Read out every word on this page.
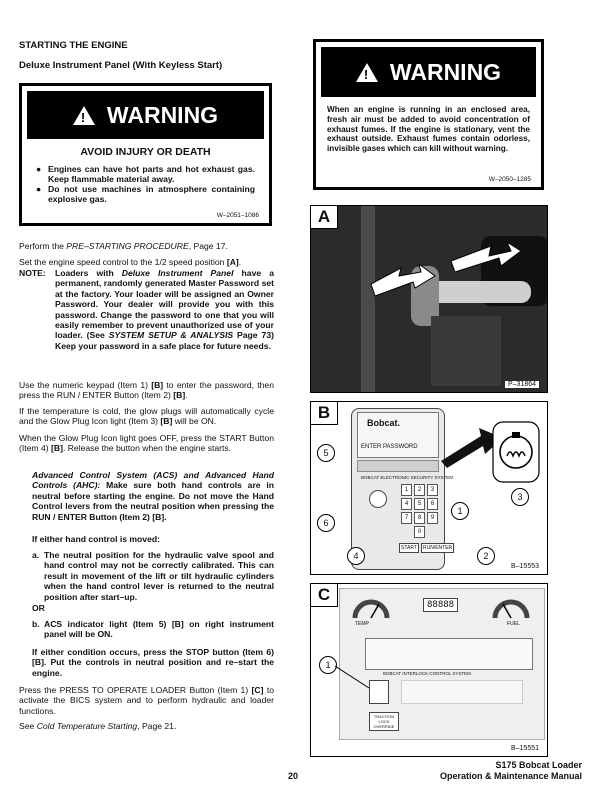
STARTING THE ENGINE
Deluxe Instrument Panel (With Keyless Start)
! WARNING
AVOID INJURY OR DEATH
● Engines can have hot parts and hot exhaust gas. Keep flammable material away.
● Do not use machines in atmosphere containing explosive gas.
W–2051–1086
Perform the PRE–STARTING PROCEDURE, Page 17.
Set the engine speed control to the 1/2 speed position [A].
NOTE:	Loaders with Deluxe Instrument Panel have a permanent, randomly generated Master Password set at the factory. Your loader will be assigned an Owner Password. Your dealer will provide you with this password. Change the password to one that you will easily remember to prevent unauthorized use of your loader. (See SYSTEM SETUP & ANALYSIS Page 73) Keep your password in a safe place for future needs.
Use the numeric keypad (Item 1) [B] to enter the password, then press the RUN / ENTER Button (Item 2) [B].
If the temperature is cold, the glow plugs will automatically cycle and the Glow Plug Icon light (Item 3) [B] will be ON.
When the Glow Plug Icon light goes OFF, press the START Button (Item 4) [B]. Release the button when the engine starts.
Advanced Control System (ACS) and Advanced Hand Controls (AHC): Make sure both hand controls are in neutral before starting the engine. Do not move the Hand Control levers from the neutral position when pressing the RUN / ENTER Button (Item 2) [B].
If either hand control is moved:
a. The neutral position for the hydraulic valve spool and hand control may not be correctly calibrated. This can result in movement of the lift or tilt hydraulic cylinders when the hand control lever is returned to the neutral position after start–up.
OR
b. ACS indicator light (Item 5) [B] on right instrument panel will be ON.
If either condition occurs, press the STOP button (Item 6) [B]. Put the controls in neutral position and re–start the engine.
Press the PRESS TO OPERATE LOADER Button (Item 1) [C] to activate the BICS system and to perform hydraulic and loader functions.
See Cold Temperature Starting, Page 21.
! WARNING
When an engine is running in an enclosed area, fresh air must be added to avoid concentration of exhaust fumes. If the engine is stationary, vent the exhaust outside. Exhaust fumes contain odorless, invisible gases which can kill without warning.
W–2050–1285
A
P–31864
B
Bobcat.
ENTER PASSWORD
BOBCAT ELECTRONIC SECURITY SYSTEM
1	2	3
4	5	6
7	8	9
0
START	RUN/ENTER
1
2
3
4
5
6
B–15553
C
TEMP	FUEL
88888
BOBCAT INTERLOCK CONTROL SYSTEM
TRACTION LOCK OVERRIDE
1
B–15551
20
S175 Bobcat Loader
Operation & Maintenance Manual
